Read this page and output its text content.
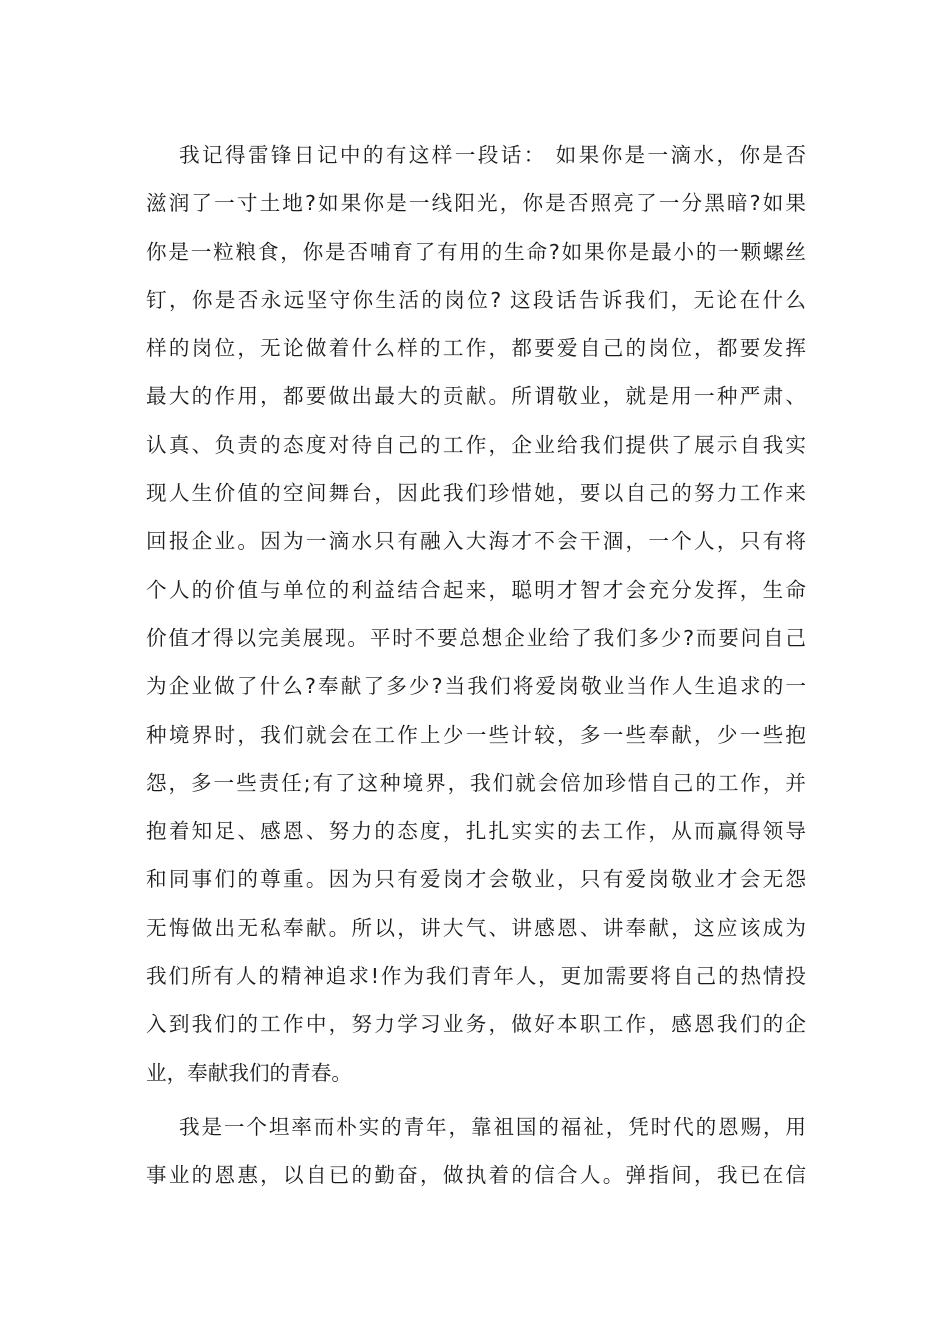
我记得雷锋日记中的有这样一段话： 如果你是一滴水，你是否
滋润了一寸土地?如果你是一线阳光，你是否照亮了一分黑暗?如果
你是一粒粮食，你是否哺育了有用的生命?如果你是最小的一颗螺丝
钉，你是否永远坚守你生活的岗位? 这段话告诉我们，无论在什么
样的岗位，无论做着什么样的工作，都要爱自己的岗位，都要发挥
最大的作用，都要做出最大的贡献。所谓敬业，就是用一种严肃、
认真、负责的态度对待自己的工作，企业给我们提供了展示自我实
现人生价值的空间舞台，因此我们珍惜她，要以自己的努力工作来
回报企业。因为一滴水只有融入大海才不会干涸，一个人，只有将
个人的价值与单位的利益结合起来，聪明才智才会充分发挥，生命
价值才得以完美展现。平时不要总想企业给了我们多少?而要问自己
为企业做了什么?奉献了多少?当我们将爱岗敬业当作人生追求的一
种境界时，我们就会在工作上少一些计较，多一些奉献，少一些抱
怨，多一些责任;有了这种境界，我们就会倍加珍惜自己的工作，并
抱着知足、感恩、努力的态度，扎扎实实的去工作，从而赢得领导
和同事们的尊重。因为只有爱岗才会敬业，只有爱岗敬业才会无怨
无悔做出无私奉献。所以，讲大气、讲感恩、讲奉献，这应该成为
我们所有人的精神追求!作为我们青年人，更加需要将自己的热情投
入到我们的工作中，努力学习业务，做好本职工作，感恩我们的企
业，奉献我们的青春。
我是一个坦率而朴实的青年，靠祖国的福祉，凭时代的恩赐，用
事业的恩惠，以自已的勤奋，做执着的信合人。弹指间，我已在信
